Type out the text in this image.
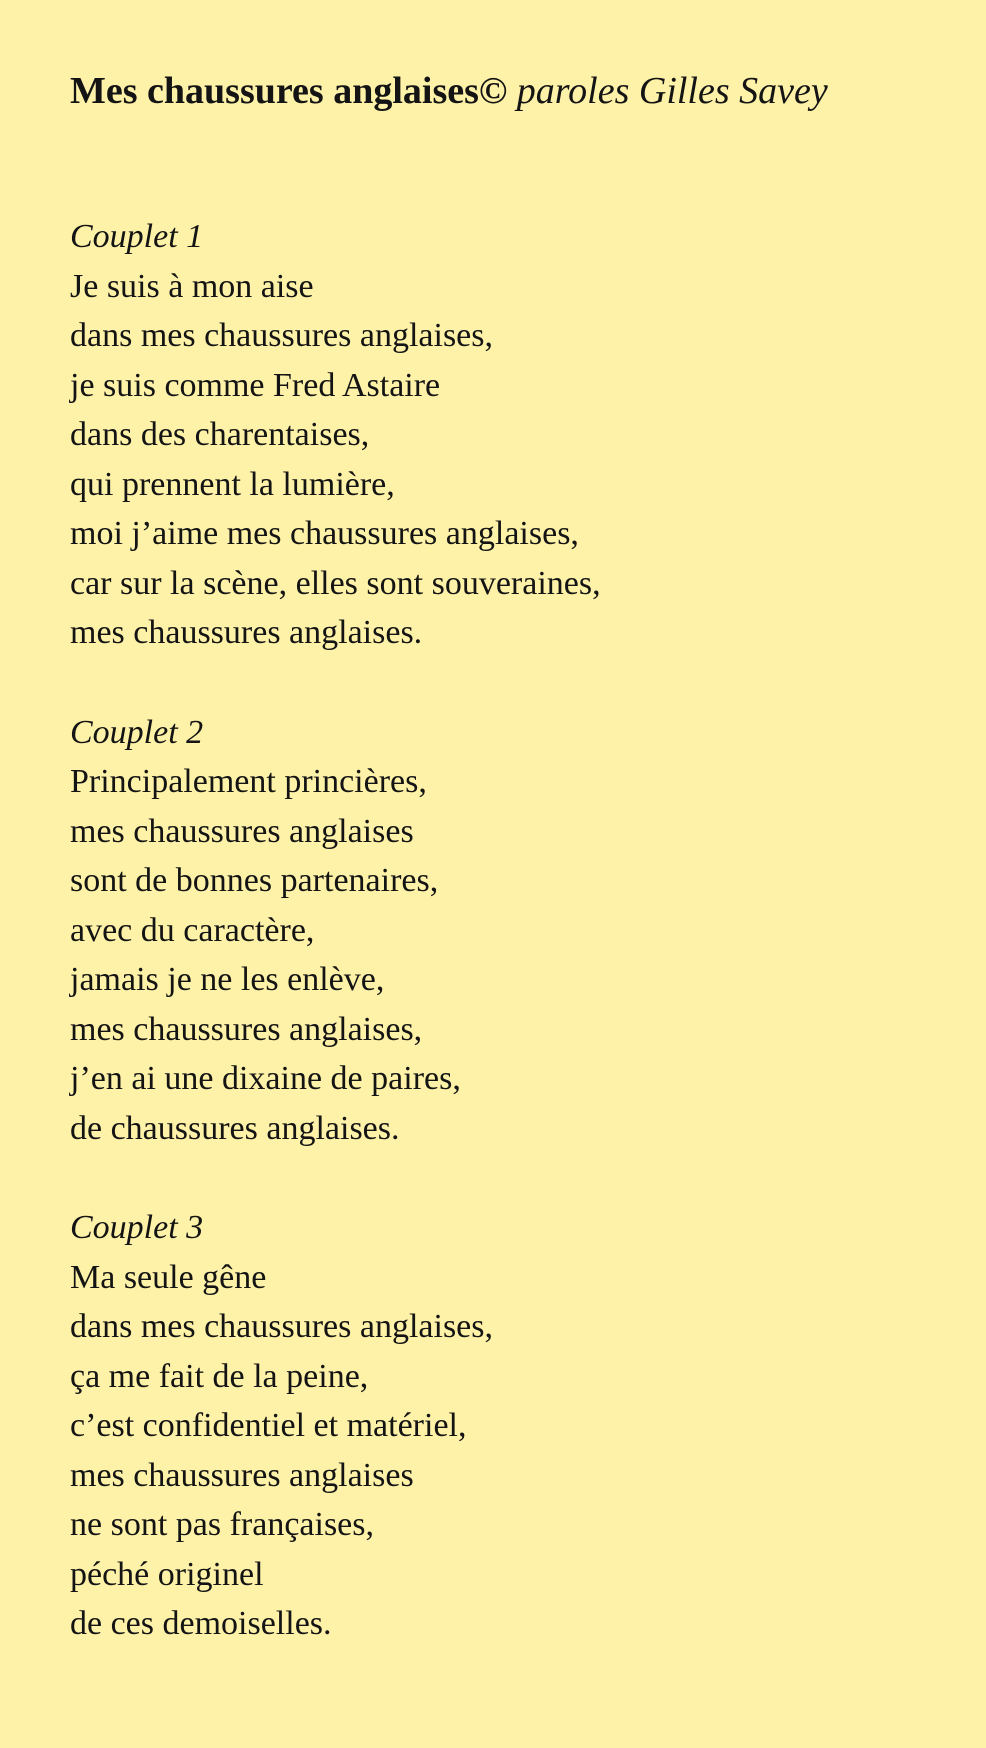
Mes chaussures anglaises© paroles Gilles Savey
Couplet 1
Je suis à mon aise
dans mes chaussures anglaises,
je suis comme Fred Astaire
dans des charentaises,
qui prennent la lumière,
moi j’aime mes chaussures anglaises,
car sur la scène, elles sont souveraines,
mes chaussures anglaises.
Couplet 2
Principalement princières,
mes chaussures anglaises
sont de bonnes partenaires,
avec du caractère,
jamais je ne les enlève,
mes chaussures anglaises,
j’en ai une dixaine de paires,
de chaussures anglaises.
Couplet 3
Ma seule gêne
dans mes chaussures anglaises,
ça me fait de la peine,
c’est confidentiel et matériel,
mes chaussures anglaises
ne sont pas françaises,
péché originel
de ces demoiselles.
